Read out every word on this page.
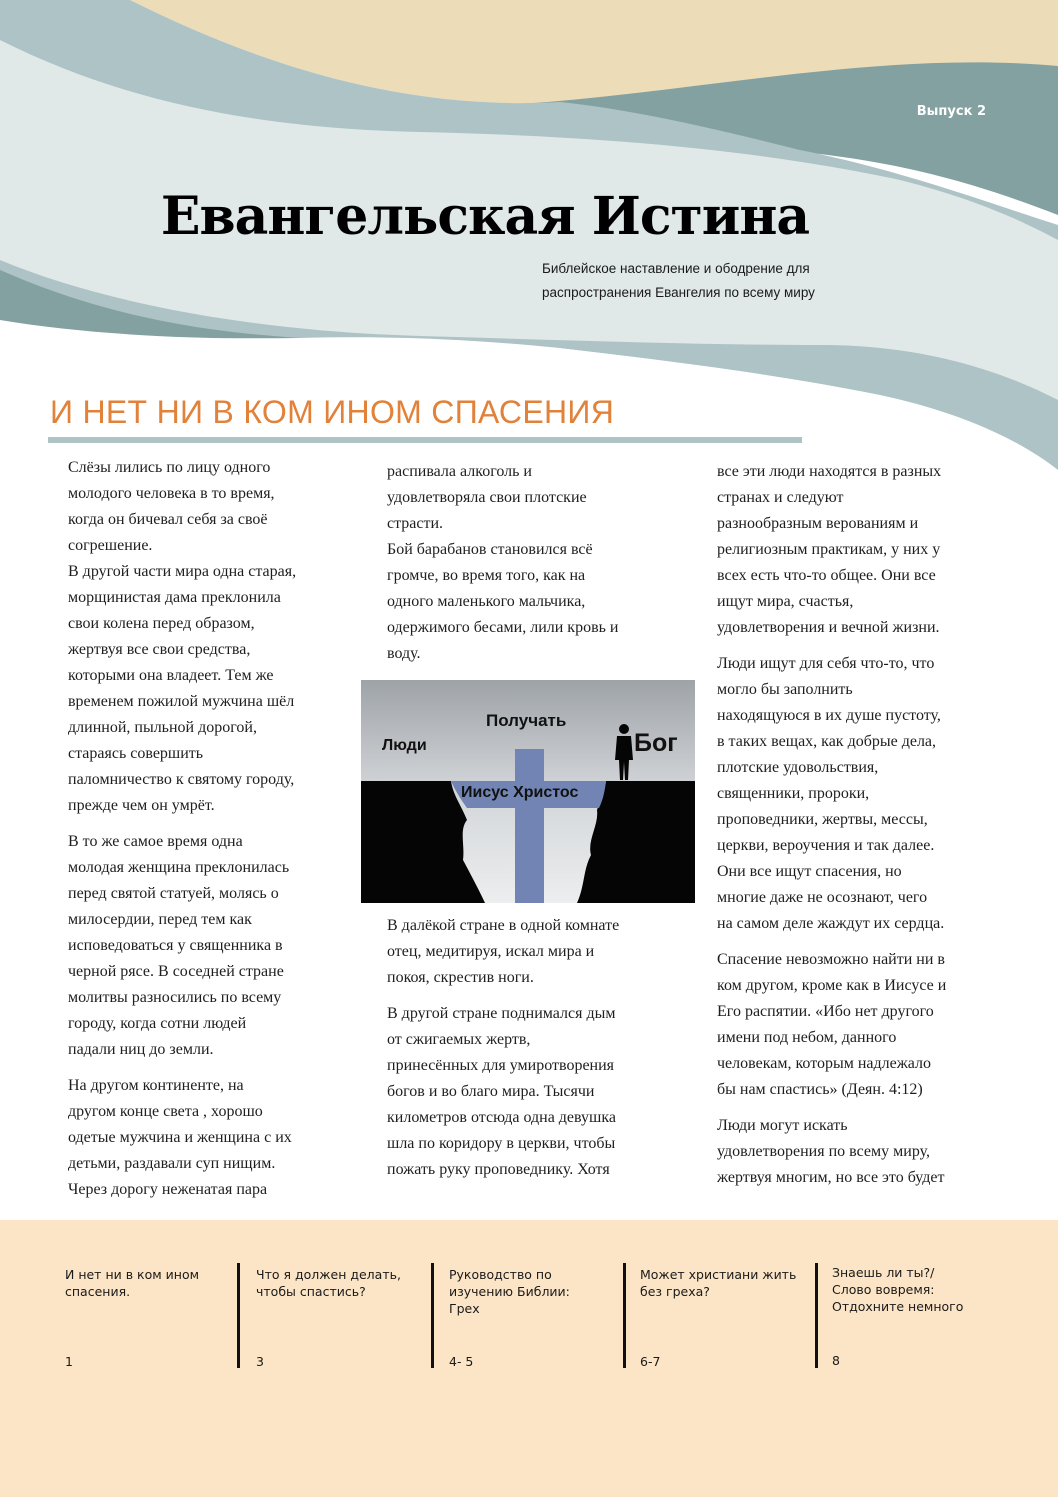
Выпуск 2
Евангельская Истина
Библейское наставление и ободрение для
распространения Евангелия по всему миру
И НЕТ НИ В КОМ ИНОМ СПАСЕНИЯ

Слёзы лились по лицу одного
молодого человека в то время,
когда он бичевал себя за своё
согрешение.
В другой части мира одна старая,
морщинистая дама преклонила
свои колена перед образом,
жертвуя все свои средства,
которыми она владеет. Тем же
временем пожилой мужчина шёл
длинной, пыльной дорогой,
стараясь совершить
паломничество к святому городу,
прежде чем он умрёт.

В то же самое время одна
молодая женщина преклонилась
перед святой статуей, молясь о
милосердии, перед тем как
исповедоваться у священника в
черной рясе. В соседней стране
молитвы разносились по всему
городу, когда сотни людей
падали ниц до земли.

На другом континенте, на
другом конце света , хорошо
одетые мужчина и женщина с их
детьми, раздавали суп нищим.
Через дорогу неженатая пара

распивала алкоголь и
удовлетворяла свои плотские
страсти.
Бой барабанов становился всё
громче, во время того, как на
одного маленького мальчика,
одержимого бесами, лили кровь и
воду.

Люди
Получать
Бог
Иисус Христос

В далёкой стране в одной комнате
отец, медитируя, искал мира и
покоя, скрестив ноги.

В другой стране поднимался дым
от сжигаемых жертв,
принесённых для умиротворения
богов и во благо мира. Тысячи
километров отсюда одна девушка
шла по коридору в церкви, чтобы
пожать руку проповеднику. Хотя

все эти люди находятся в разных
странах и следуют
разнообразным верованиям и
религиозным практикам, у них у
всех есть что-то общее. Они все
ищут мира, счастья,
удовлетворения и вечной жизни.

Люди ищут для себя что-то, что
могло бы заполнить
находящуюся в их душе пустоту,
в таких вещах, как добрые дела,
плотские удовольствия,
священники, пророки,
проповедники, жертвы, мессы,
церкви, вероучения и так далее.
Они все ищут спасения, но
многие даже не осознают, чего
на самом деле жаждут их сердца.

Спасение невозможно найти ни в
ком другом, кроме как в Иисусе и
Его распятии. «Ибо нет другого
имени под небом, данного
человекам, которым надлежало
бы нам спастись» (Деян. 4:12)

Люди могут искать
удовлетворения по всему миру,
жертвуя многим, но все это будет

И нет ни в ком ином спасения.
1
Что я должен делать, чтобы спастись?
3
Руководство по изучению Библии: Грех
4- 5
Может христиани жить без греха?
6-7
Знаешь ли ты?/
Слово вовремя:
Отдохните немного
8
